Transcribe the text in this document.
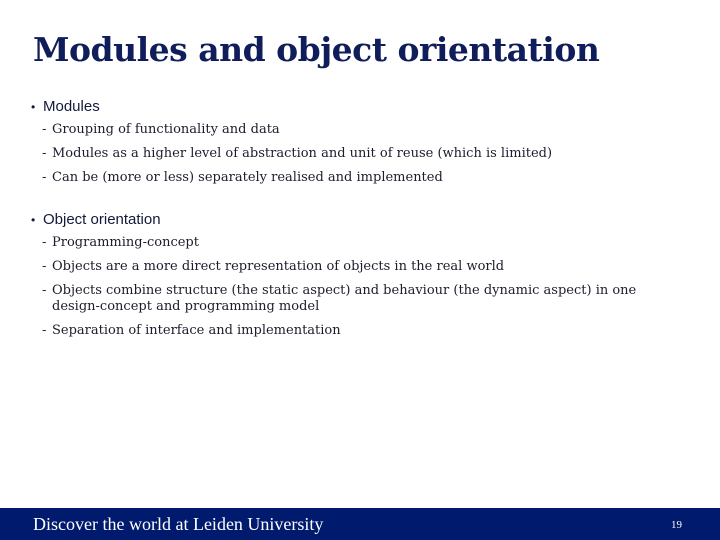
Modules and object orientation
• Modules
- Grouping of functionality and data
- Modules as a higher level of abstraction and unit of reuse (which is limited)
- Can be (more or less) separately realised and implemented
• Object orientation
- Programming-concept
- Objects are a more direct representation of objects in the real world
- Objects combine structure (the static aspect) and behaviour (the dynamic aspect) in one design-concept and programming model
- Separation of interface and implementation
Discover the world at Leiden University	19
